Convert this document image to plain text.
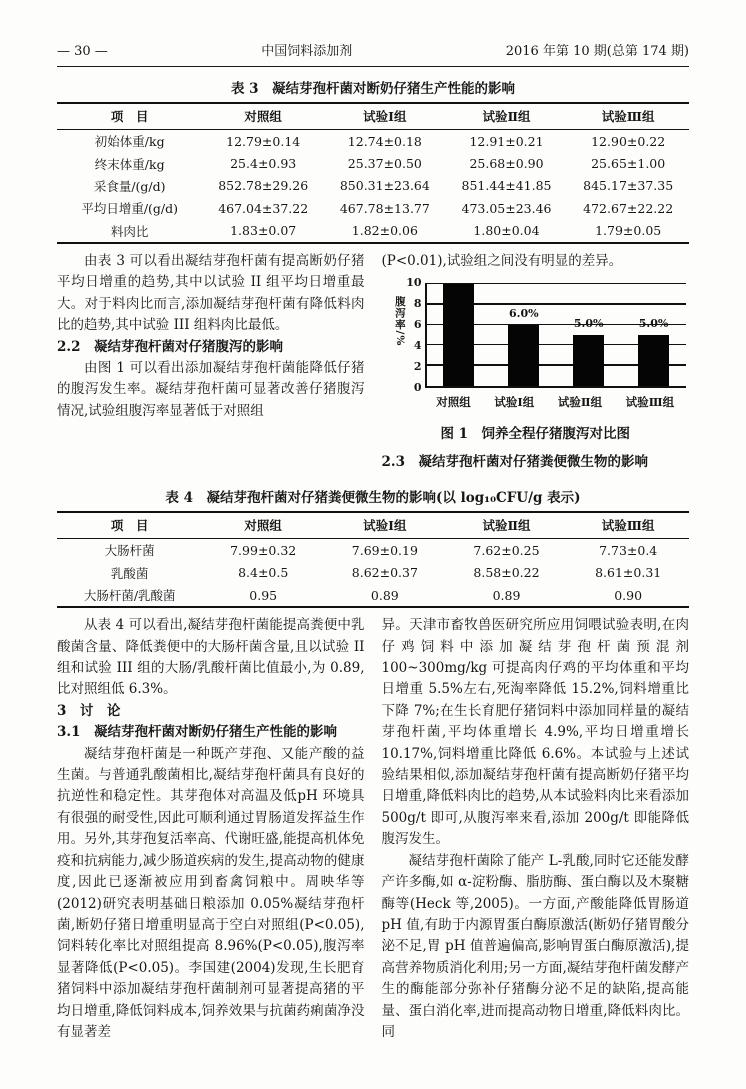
— 30 —	中国饲料添加剂	2016 年第 10 期(总第 174 期)
表 3　凝结芽孢杆菌对断奶仔猪生产性能的影响
项　目	对照组	试验Ⅰ组	试验Ⅱ组	试验Ⅲ组
初始体重/kg	12.79±0.14	12.74±0.18	12.91±0.21	12.90±0.22
终末体重/kg	25.4±0.93	25.37±0.50	25.68±0.90	25.65±1.00
采食量/(g/d)	852.78±29.26	850.31±23.64	851.44±41.85	845.17±37.35
平均日增重/(g/d)	467.04±37.22	467.78±13.77	473.05±23.46	472.67±22.22
料肉比	1.83±0.07	1.82±0.06	1.80±0.04	1.79±0.05

由表 3 可以看出凝结芽孢杆菌有提高断奶仔猪平均日增重的趋势,其中以试验 II 组平均日增重最大。对于料肉比而言,添加凝结芽孢杆菌有降低料肉比的趋势,其中试验 III 组料肉比最低。

2.2　凝结芽孢杆菌对仔猪腹泻的影响

由图 1 可以看出添加凝结芽孢杆菌能降低仔猪的腹泻发生率。凝结芽孢杆菌可显著改善仔猪腹泻情况,试验组腹泻率显著低于对照组

(P<0.01),试验组之间没有明显的差异。

腹泻率/%
0
2
4
6
8
10
6.0%
5.0%	5.0%
对照组 试验Ⅰ组 试验Ⅱ组 试验Ⅲ组
图 1　饲养全程仔猪腹泻对比图

2.3　凝结芽孢杆菌对仔猪粪便微生物的影响

表 4　凝结芽孢杆菌对仔猪粪便微生物的影响(以 log₁₀CFU/g 表示)
项　目	对照组	试验Ⅰ组	试验Ⅱ组	试验Ⅲ组
大肠杆菌	7.99±0.32	7.69±0.19	7.62±0.25	7.73±0.4
乳酸菌	8.4±0.5	8.62±0.37	8.58±0.22	8.61±0.31
大肠杆菌/乳酸菌	0.95	0.89	0.89	0.90

从表 4 可以看出,凝结芽孢杆菌能提高粪便中乳酸菌含量、降低粪便中的大肠杆菌含量,且以试验 II 组和试验 III 组的大肠/乳酸杆菌比值最小,为 0.89,比对照组低 6.3%。

3　讨　论

3.1　凝结芽孢杆菌对断奶仔猪生产性能的影响

凝结芽孢杆菌是一种既产芽孢、又能产酸的益生菌。与普通乳酸菌相比,凝结芽孢杆菌具有良好的抗逆性和稳定性。其芽孢体对高温及低pH 环境具有很强的耐受性,因此可顺利通过胃肠道发挥益生作用。另外,其芽孢复活率高、代谢旺盛,能提高机体免疫和抗病能力,减少肠道疾病的发生,提高动物的健康度,因此已逐渐被应用到畜禽饲粮中。周映华等(2012)研究表明基础日粮添加 0.05%凝结芽孢杆菌,断奶仔猪日增重明显高于空白对照组(P<0.05),饲料转化率比对照组提高 8.96%(P<0.05),腹泻率显著降低(P<0.05)。李国建(2004)发现,生长肥育猪饲料中添加凝结芽孢杆菌制剂可显著提高猪的平均日增重,降低饲料成本,饲养效果与抗菌药痢菌净没有显著差

异。天津市畜牧兽医研究所应用饲喂试验表明,在肉仔鸡饲料中添加凝结芽孢杆菌预混剂 100~300mg/kg 可提高肉仔鸡的平均体重和平均日增重 5.5%左右,死淘率降低 15.2%,饲料增重比下降 7%;在生长育肥仔猪饲料中添加同样量的凝结芽孢杆菌,平均体重增长 4.9%,平均日增重增长 10.17%,饲料增重比降低 6.6%。本试验与上述试验结果相似,添加凝结芽孢杆菌有提高断奶仔猪平均日增重,降低料肉比的趋势,从本试验料肉比来看添加 500g/t 即可,从腹泻率来看,添加 200g/t 即能降低腹泻发生。

凝结芽孢杆菌除了能产 L-乳酸,同时它还能发酵产许多酶,如 α-淀粉酶、脂肪酶、蛋白酶以及木聚糖酶等(Heck 等,2005)。一方面,产酸能降低胃肠道 pH 值,有助于内源胃蛋白酶原激活(断奶仔猪胃酸分泌不足,胃 pH 值普遍偏高,影响胃蛋白酶原激活),提高营养物质消化利用;另一方面,凝结芽孢杆菌发酵产生的酶能部分弥补仔猪酶分泌不足的缺陷,提高能量、蛋白消化率,进而提高动物日增重,降低料肉比。同
